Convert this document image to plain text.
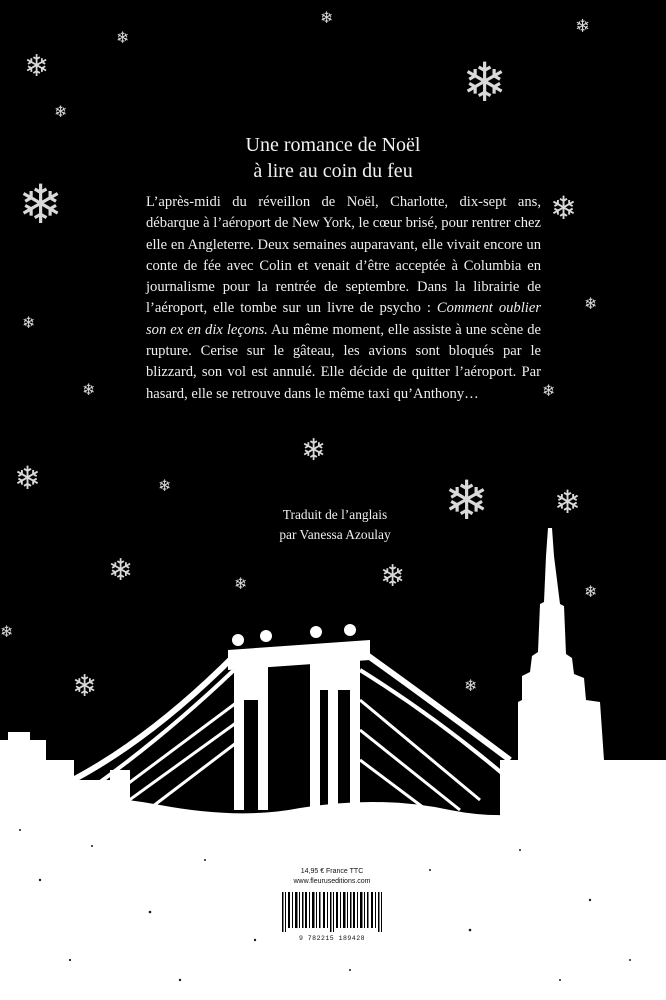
❄
❄
❄
❄	❄
❄
❄	❄
❄
❄
❄	❄
❄
❄	❄	❄ ❄
❄	❄	❄	❄
❄
❄	❄
Une romance de Noël
à lire au coin du feu

L’après-midi du réveillon de Noël, Charlotte, dix-sept ans, débarque à l’aéroport de New York, le cœur brisé, pour rentrer chez elle en Angleterre. Deux semaines auparavant, elle vivait encore un conte de fée avec Colin et venait d’être acceptée à Columbia en journalisme pour la rentrée de septembre. Dans la librairie de l’aéroport, elle tombe sur un livre de psycho : Comment oublier son ex en dix leçons. Au même moment, elle assiste à une scène de rupture. Cerise sur le gâteau, les avions sont bloqués par le blizzard, son vol est annulé. Elle décide de quitter l’aéroport. Par hasard, elle se retrouve dans le même taxi qu’Anthony…

Traduit de l’anglais
par Vanessa Azoulay
14,95 € France TTC
www.fleuruseditions.com
9 782215 189428
